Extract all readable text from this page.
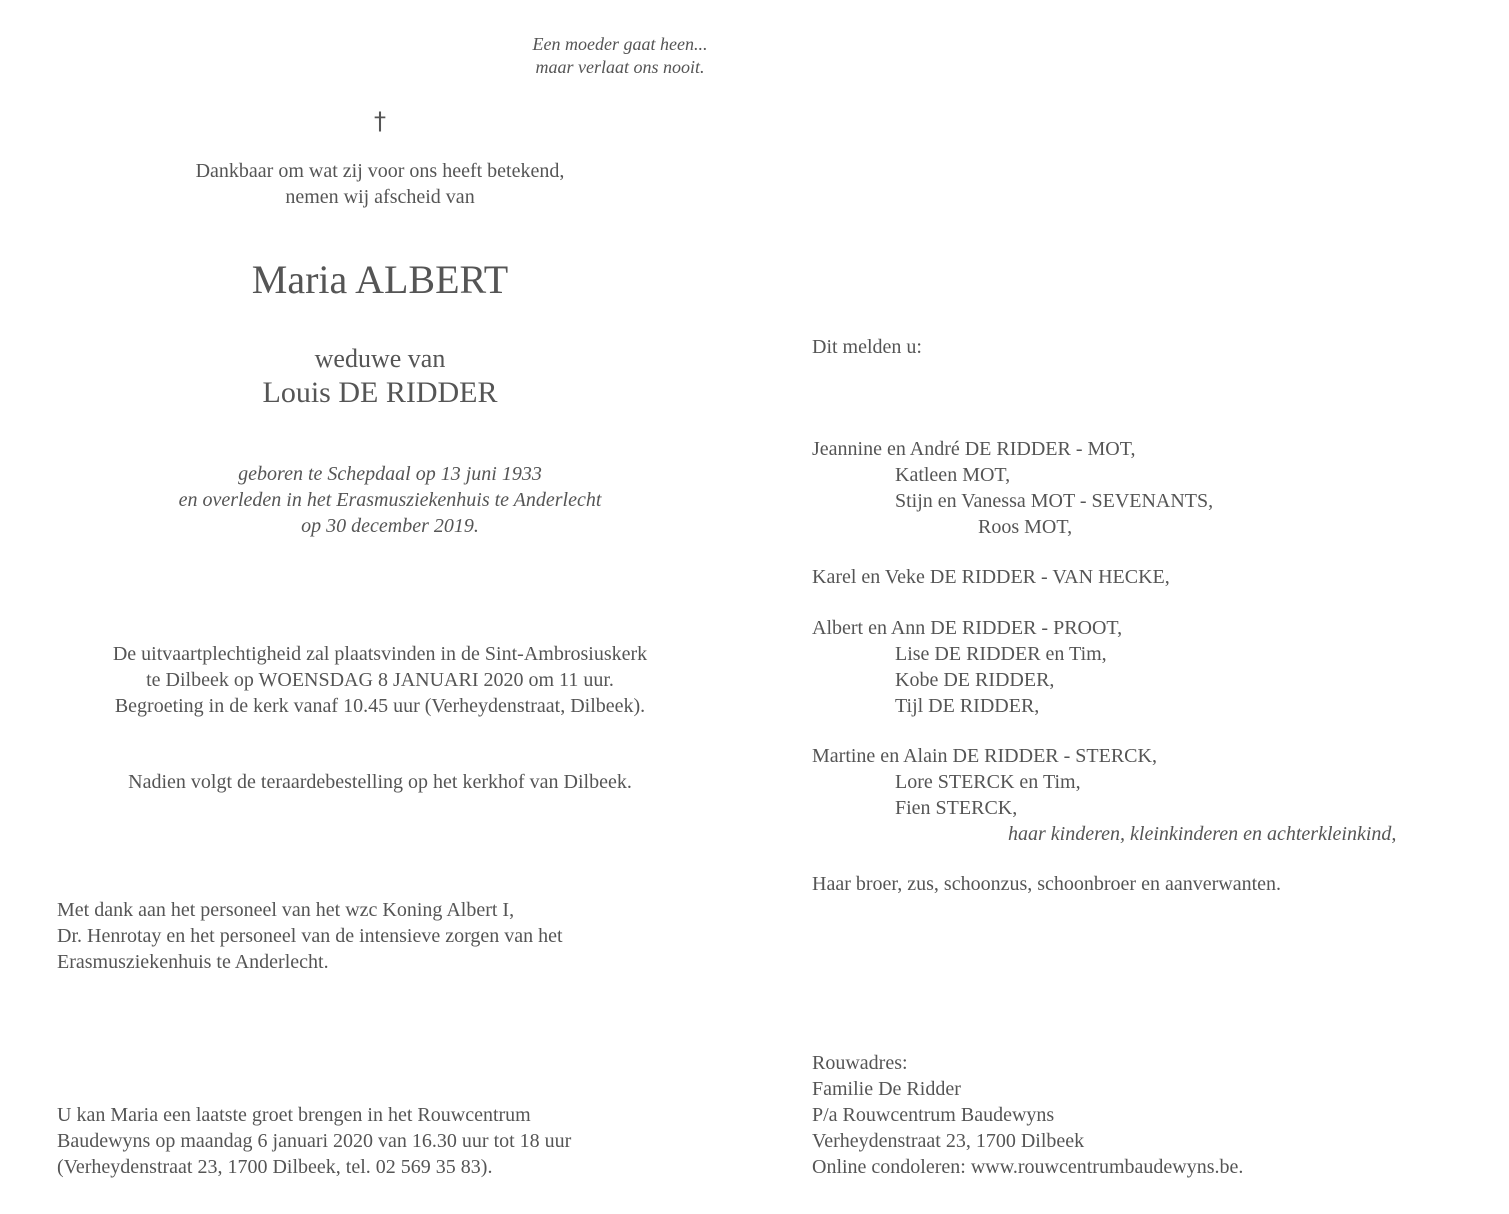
Een moeder gaat heen...
maar verlaat ons nooit.
†
Dankbaar om wat zij voor ons heeft betekend,
nemen wij afscheid van
Maria ALBERT
weduwe van
Louis DE RIDDER
geboren te Schepdaal op 13 juni 1933
en overleden in het Erasmusziekenhuis te Anderlecht
op 30 december 2019.
De uitvaartplechtigheid zal plaatsvinden in de Sint-Ambrosiuskerk
te Dilbeek op WOENSDAG 8 JANUARI 2020 om 11 uur.
Begroeting in de kerk vanaf 10.45 uur (Verheydenstraat, Dilbeek).
Nadien volgt de teraardebestelling op het kerkhof van Dilbeek.
Met dank aan het personeel van het wzc Koning Albert I,
Dr. Henrotay en het personeel van de intensieve zorgen van het
Erasmusziekenhuis te Anderlecht.
U kan Maria een laatste groet brengen in het Rouwcentrum
Baudewyns op maandag 6 januari 2020 van 16.30 uur tot 18 uur
(Verheydenstraat 23, 1700 Dilbeek, tel. 02 569 35 83).
Dit melden u:
Jeannine en André DE RIDDER - MOT,
Katleen MOT,
Stijn en Vanessa MOT - SEVENANTS,
Roos MOT,
Karel en Veke DE RIDDER - VAN HECKE,
Albert en Ann DE RIDDER - PROOT,
Lise DE RIDDER en Tim,
Kobe DE RIDDER,
Tijl DE RIDDER,
Martine en Alain DE RIDDER - STERCK,
Lore STERCK en Tim,
Fien STERCK,
haar kinderen, kleinkinderen en achterkleinkind,
Haar broer, zus, schoonzus, schoonbroer en aanverwanten.
Rouwadres:
Familie De Ridder
P/a Rouwcentrum Baudewyns
Verheydenstraat 23, 1700 Dilbeek
Online condoleren: www.rouwcentrumbaudewyns.be.
